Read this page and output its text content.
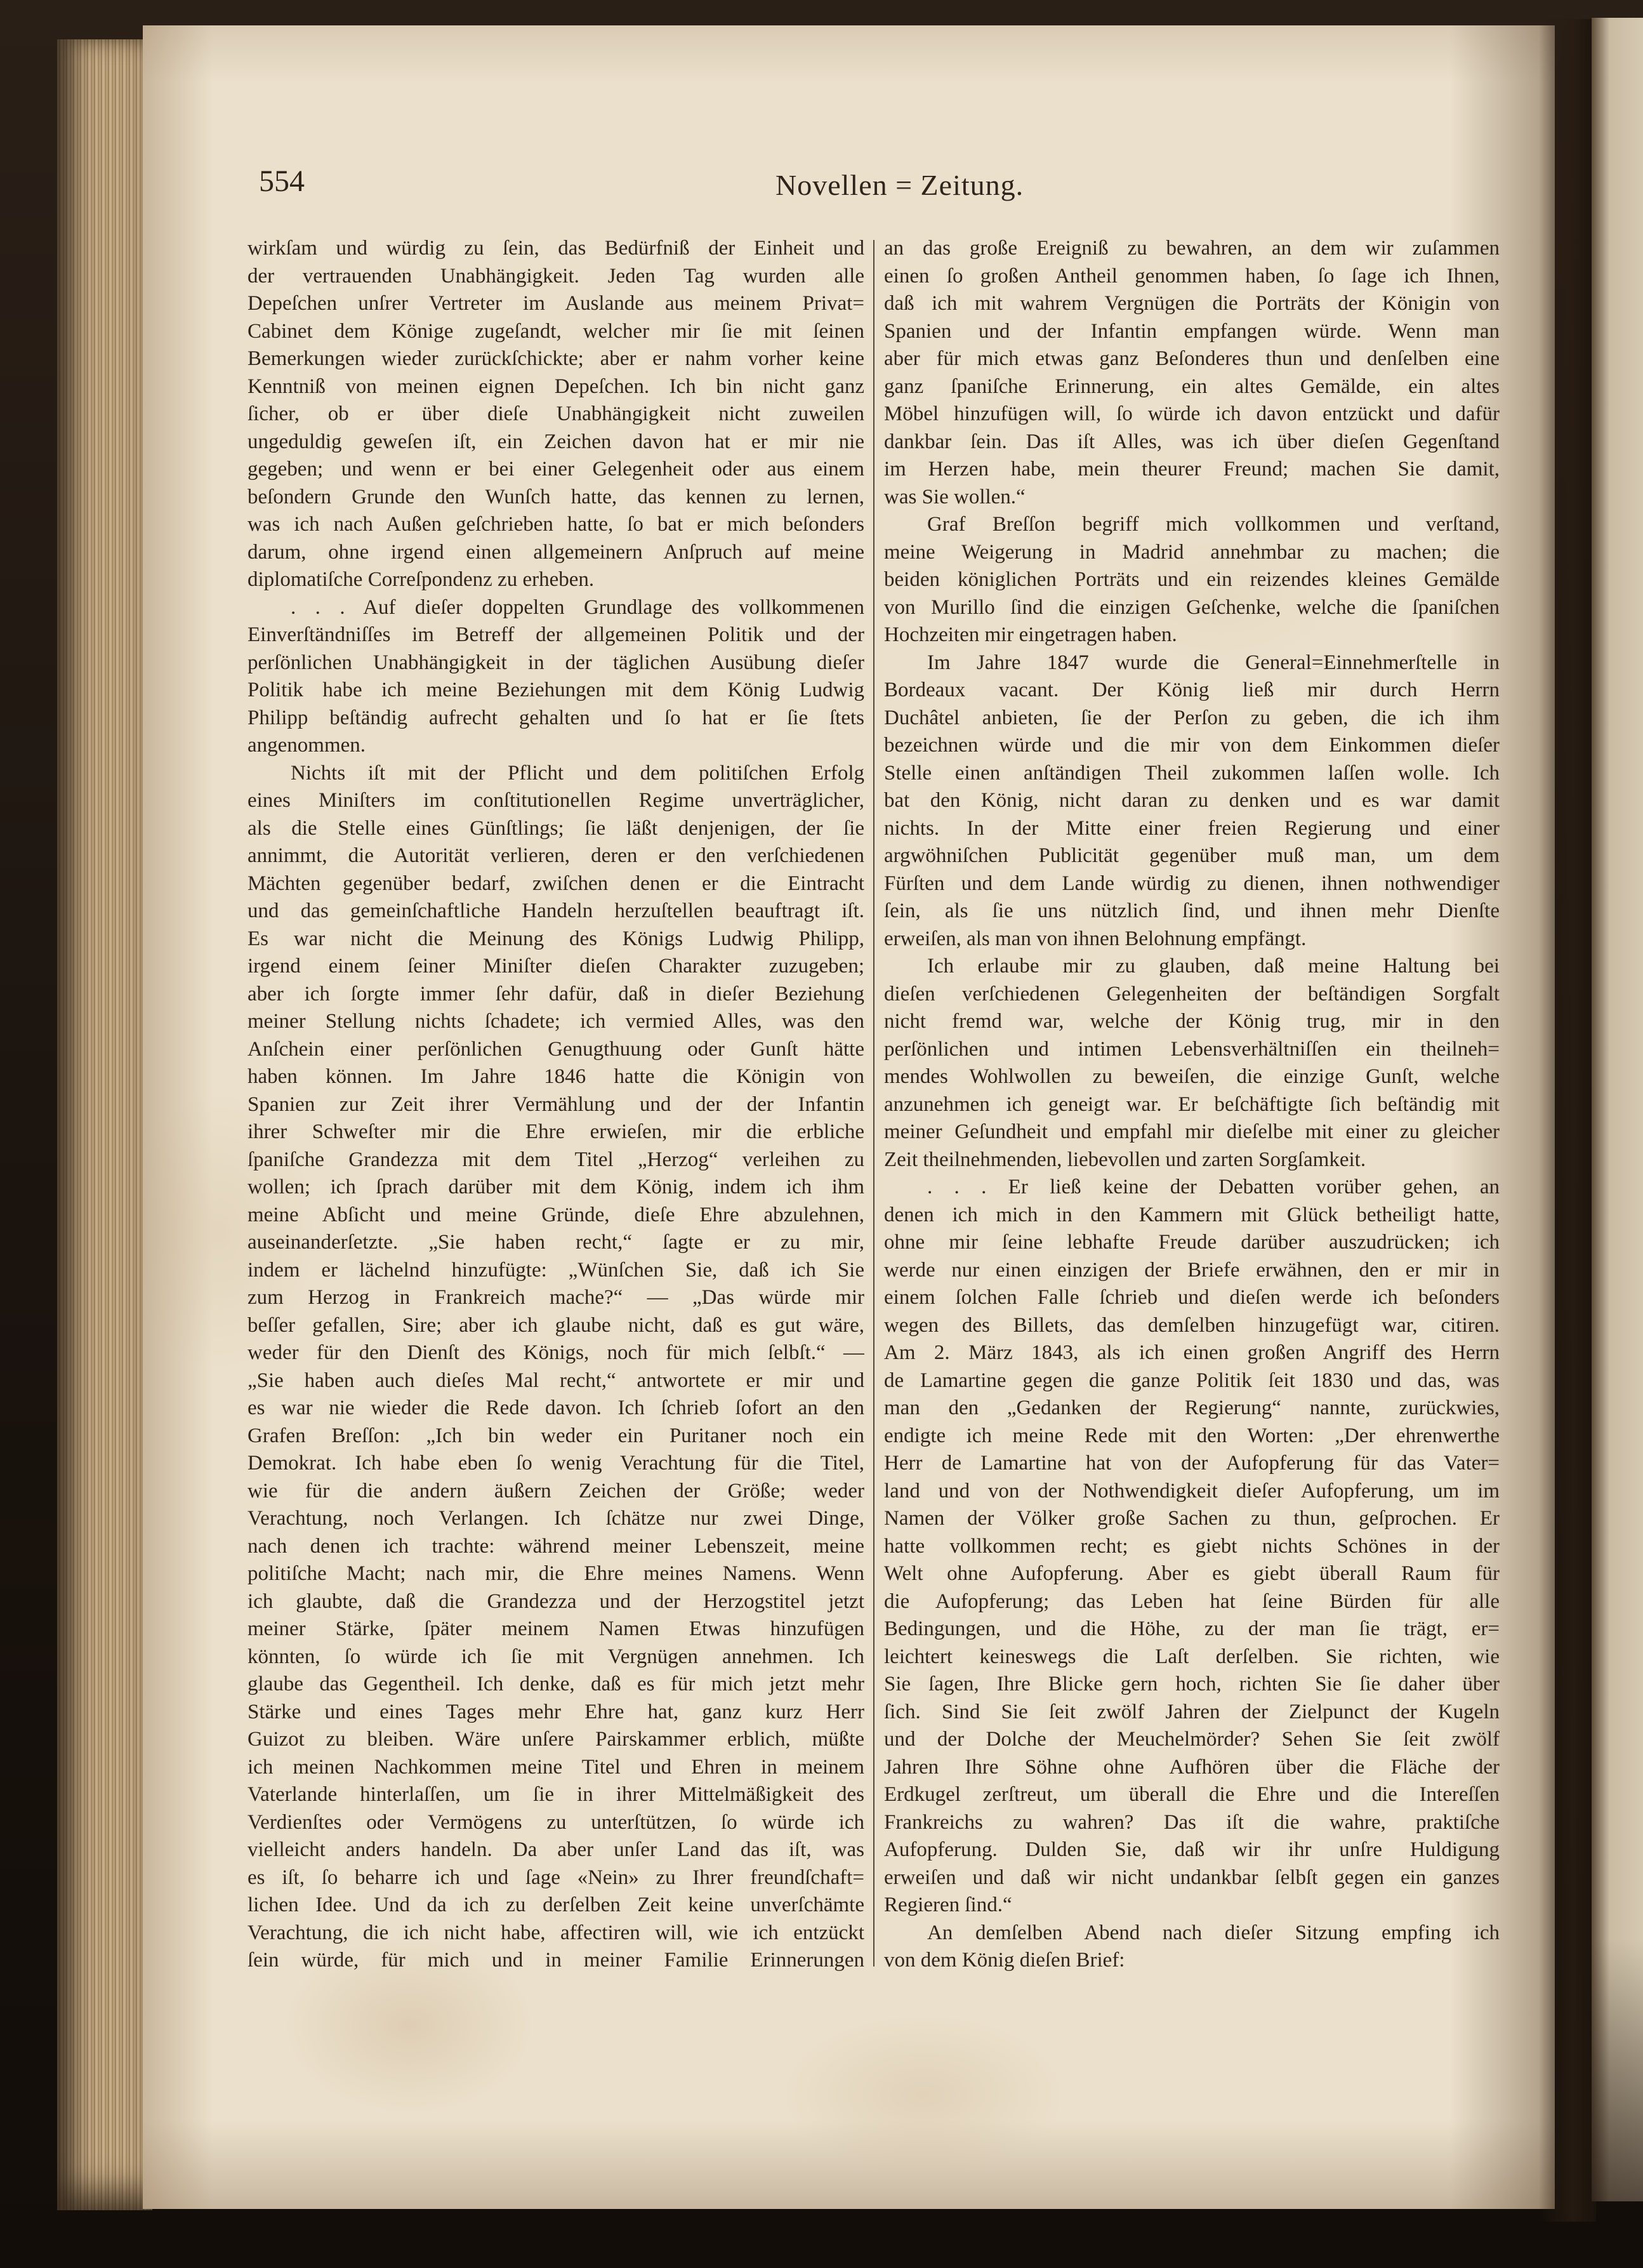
554	Novellen = Zeitung.
wirkſam und würdig zu ſein, das Bedürfniß der Einheit und
der vertrauenden Unabhängigkeit. Jeden Tag wurden alle
Depeſchen unſrer Vertreter im Auslande aus meinem Privat=
Cabinet dem Könige zugeſandt, welcher mir ſie mit ſeinen
Bemerkungen wieder zurückſchickte; aber er nahm vorher keine
Kenntniß von meinen eignen Depeſchen. Ich bin nicht ganz
ſicher, ob er über dieſe Unabhängigkeit nicht zuweilen
ungeduldig geweſen iſt, ein Zeichen davon hat er mir nie
gegeben; und wenn er bei einer Gelegenheit oder aus einem
beſondern Grunde den Wunſch hatte, das kennen zu lernen,
was ich nach Außen geſchrieben hatte, ſo bat er mich beſonders
darum, ohne irgend einen allgemeinern Anſpruch auf meine
diplomatiſche Correſpondenz zu erheben.
. . . Auf dieſer doppelten Grundlage des vollkommenen
Einverſtändniſſes im Betreff der allgemeinen Politik und der
perſönlichen Unabhängigkeit in der täglichen Ausübung dieſer
Politik habe ich meine Beziehungen mit dem König Ludwig
Philipp beſtändig aufrecht gehalten und ſo hat er ſie ſtets
angenommen.
Nichts iſt mit der Pflicht und dem politiſchen Erfolg
eines Miniſters im conſtitutionellen Regime unverträglicher,
als die Stelle eines Günſtlings; ſie läßt denjenigen, der ſie
annimmt, die Autorität verlieren, deren er den verſchiedenen
Mächten gegenüber bedarf, zwiſchen denen er die Eintracht
und das gemeinſchaftliche Handeln herzuſtellen beauftragt iſt.
Es war nicht die Meinung des Königs Ludwig Philipp,
irgend einem ſeiner Miniſter dieſen Charakter zuzugeben;
aber ich ſorgte immer ſehr dafür, daß in dieſer Beziehung
meiner Stellung nichts ſchadete; ich vermied Alles, was den
Anſchein einer perſönlichen Genugthuung oder Gunſt hätte
haben können. Im Jahre 1846 hatte die Königin von
Spanien zur Zeit ihrer Vermählung und der der Infantin
ihrer Schweſter mir die Ehre erwieſen, mir die erbliche
ſpaniſche Grandezza mit dem Titel „Herzog“ verleihen zu
wollen; ich ſprach darüber mit dem König, indem ich ihm
meine Abſicht und meine Gründe, dieſe Ehre abzulehnen,
auseinanderſetzte. „Sie haben recht,“ ſagte er zu mir,
indem er lächelnd hinzufügte: „Wünſchen Sie, daß ich Sie
zum Herzog in Frankreich mache?“ — „Das würde mir
beſſer gefallen, Sire; aber ich glaube nicht, daß es gut wäre,
weder für den Dienſt des Königs, noch für mich ſelbſt.“ —
„Sie haben auch dieſes Mal recht,“ antwortete er mir und
es war nie wieder die Rede davon. Ich ſchrieb ſofort an den
Grafen Breſſon: „Ich bin weder ein Puritaner noch ein
Demokrat. Ich habe eben ſo wenig Verachtung für die Titel,
wie für die andern äußern Zeichen der Größe; weder
Verachtung, noch Verlangen. Ich ſchätze nur zwei Dinge,
nach denen ich trachte: während meiner Lebenszeit, meine
politiſche Macht; nach mir, die Ehre meines Namens. Wenn
ich glaubte, daß die Grandezza und der Herzogstitel jetzt
meiner Stärke, ſpäter meinem Namen Etwas hinzufügen
könnten, ſo würde ich ſie mit Vergnügen annehmen. Ich
glaube das Gegentheil. Ich denke, daß es für mich jetzt mehr
Stärke und eines Tages mehr Ehre hat, ganz kurz Herr
Guizot zu bleiben. Wäre unſere Pairskammer erblich, müßte
ich meinen Nachkommen meine Titel und Ehren in meinem
Vaterlande hinterlaſſen, um ſie in ihrer Mittelmäßigkeit des
Verdienſtes oder Vermögens zu unterſtützen, ſo würde ich
vielleicht anders handeln. Da aber unſer Land das iſt, was
es iſt, ſo beharre ich und ſage «Nein» zu Ihrer freundſchaft=
lichen Idee. Und da ich zu derſelben Zeit keine unverſchämte
Verachtung, die ich nicht habe, affectiren will, wie ich entzückt
ſein würde, für mich und in meiner Familie Erinnerungen
an das große Ereigniß zu bewahren, an dem wir zuſammen
einen ſo großen Antheil genommen haben, ſo ſage ich Ihnen,
daß ich mit wahrem Vergnügen die Porträts der Königin von
Spanien und der Infantin empfangen würde. Wenn man
aber für mich etwas ganz Beſonderes thun und denſelben eine
ganz ſpaniſche Erinnerung, ein altes Gemälde, ein altes
Möbel hinzufügen will, ſo würde ich davon entzückt und dafür
dankbar ſein. Das iſt Alles, was ich über dieſen Gegenſtand
im Herzen habe, mein theurer Freund; machen Sie damit,
was Sie wollen.“
Graf Breſſon begriff mich vollkommen und verſtand,
meine Weigerung in Madrid annehmbar zu machen; die
beiden königlichen Porträts und ein reizendes kleines Gemälde
von Murillo ſind die einzigen Geſchenke, welche die ſpaniſchen
Hochzeiten mir eingetragen haben.
Im Jahre 1847 wurde die General=Einnehmerſtelle in
Bordeaux vacant. Der König ließ mir durch Herrn
Duchâtel anbieten, ſie der Perſon zu geben, die ich ihm
bezeichnen würde und die mir von dem Einkommen dieſer
Stelle einen anſtändigen Theil zukommen laſſen wolle. Ich
bat den König, nicht daran zu denken und es war damit
nichts. In der Mitte einer freien Regierung und einer
argwöhniſchen Publicität gegenüber muß man, um dem
Fürſten und dem Lande würdig zu dienen, ihnen nothwendiger
ſein, als ſie uns nützlich ſind, und ihnen mehr Dienſte
erweiſen, als man von ihnen Belohnung empfängt.
Ich erlaube mir zu glauben, daß meine Haltung bei
dieſen verſchiedenen Gelegenheiten der beſtändigen Sorgfalt
nicht fremd war, welche der König trug, mir in den
perſönlichen und intimen Lebensverhältniſſen ein theilneh=
mendes Wohlwollen zu beweiſen, die einzige Gunſt, welche
anzunehmen ich geneigt war. Er beſchäftigte ſich beſtändig mit
meiner Geſundheit und empfahl mir dieſelbe mit einer zu gleicher
Zeit theilnehmenden, liebevollen und zarten Sorgſamkeit.
. . . Er ließ keine der Debatten vorüber gehen, an
denen ich mich in den Kammern mit Glück betheiligt hatte,
ohne mir ſeine lebhafte Freude darüber auszudrücken; ich
werde nur einen einzigen der Briefe erwähnen, den er mir in
einem ſolchen Falle ſchrieb und dieſen werde ich beſonders
wegen des Billets, das demſelben hinzugefügt war, citiren.
Am 2. März 1843, als ich einen großen Angriff des Herrn
de Lamartine gegen die ganze Politik ſeit 1830 und das, was
man den „Gedanken der Regierung“ nannte, zurückwies,
endigte ich meine Rede mit den Worten: „Der ehrenwerthe
Herr de Lamartine hat von der Aufopferung für das Vater=
land und von der Nothwendigkeit dieſer Aufopferung, um im
Namen der Völker große Sachen zu thun, geſprochen. Er
hatte vollkommen recht; es giebt nichts Schönes in der
Welt ohne Aufopferung. Aber es giebt überall Raum für
die Aufopferung; das Leben hat ſeine Bürden für alle
Bedingungen, und die Höhe, zu der man ſie trägt, er=
leichtert keineswegs die Laſt derſelben. Sie richten, wie
Sie ſagen, Ihre Blicke gern hoch, richten Sie ſie daher über
ſich. Sind Sie ſeit zwölf Jahren der Zielpunct der Kugeln
und der Dolche der Meuchelmörder? Sehen Sie ſeit zwölf
Jahren Ihre Söhne ohne Aufhören über die Fläche der
Erdkugel zerſtreut, um überall die Ehre und die Intereſſen
Frankreichs zu wahren? Das iſt die wahre, praktiſche
Aufopferung. Dulden Sie, daß wir ihr unſre Huldigung
erweiſen und daß wir nicht undankbar ſelbſt gegen ein ganzes
Regieren ſind.“
An demſelben Abend nach dieſer Sitzung empfing ich
von dem König dieſen Brief:
